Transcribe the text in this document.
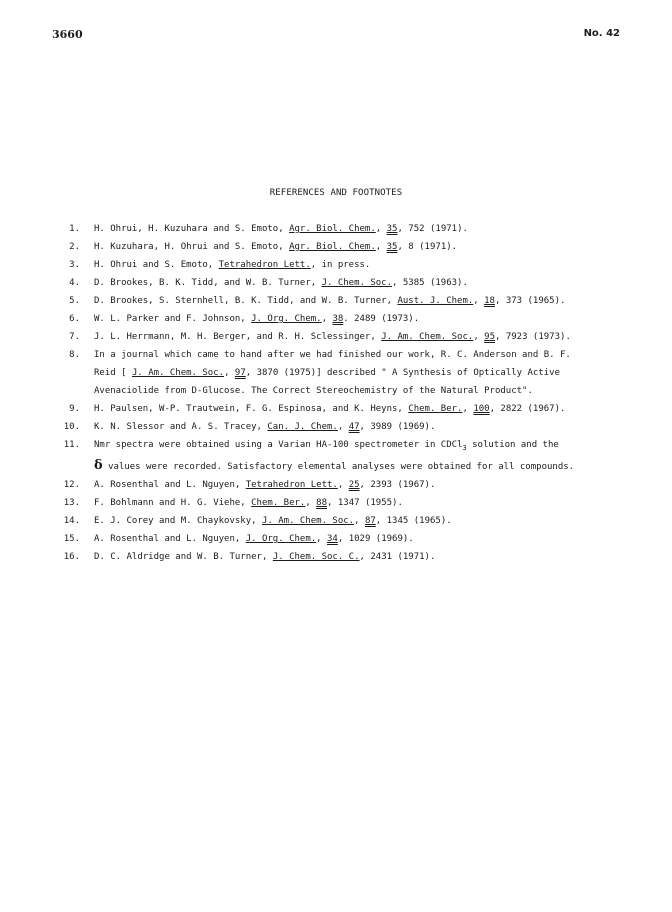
3660	No. 42
REFERENCES AND FOOTNOTES
1 .	H. Ohrui, H. Kuzuhara and S. Emoto, Agr. Biol. Chem., 35, 752 (1971).
2 .	H. Kuzuhara, H. Ohrui and S. Emoto, Agr. Biol. Chem., 35, 8 (1971).
3 .	H. Ohrui and S. Emoto, Tetrahedron Lett., in press.
4 .	D. Brookes, B. K. Tidd, and W. B. Turner, J. Chem. Soc., 5385 (1963).
5 .	D. Brookes, S. Sternhell, B. K. Tidd, and W. B. Turner, Aust. J. Chem., 18, 373 (1965).
6 .	W. L. Parker and F. Johnson, J. Org. Chem., 38. 2489 (1973).
7 .	J. L. Herrmann, M. H. Berger, and R. H. Sclessinger, J. Am. Chem. Soc., 95, 7923 (1973).
8 .	In a journal which came to hand after we had finished our work, R. C. Anderson and B. F.
Reid [ J. Am. Chem. Soc., 97, 3870 (1975)] described " A Synthesis of Optically Active
Avenaciolide from D-Glucose. The Correct Stereochemistry of the Natural Product".
9 .	H. Paulsen, W-P. Trautwein, F. G. Espinosa, and K. Heyns, Chem. Ber., 100, 2822 (1967).
10 .	K. N. Slessor and A. S. Tracey, Can. J. Chem., 47, 3989 (1969).
11 .	Nmr spectra were obtained using a Varian HA-100 spectrometer in CDCl$_3$ solution and the
δ values were recorded. Satisfactory elemental analyses were obtained for all compounds.
12 .	A. Rosenthal and L. Nguyen, Tetrahedron Lett., 25, 2393 (1967).
13 .	F. Bohlmann and H. G. Viehe, Chem. Ber., 88, 1347 (1955).
14 .	E. J. Corey and M. Chaykovsky, J. Am. Chem. Soc., 87, 1345 (1965).
15 .	A. Rosenthal and L. Nguyen, J. Org. Chem., 34, 1029 (1969).
16 .	D. C. Aldridge and W. B. Turner, J. Chem. Soc. C., 2431 (1971).
